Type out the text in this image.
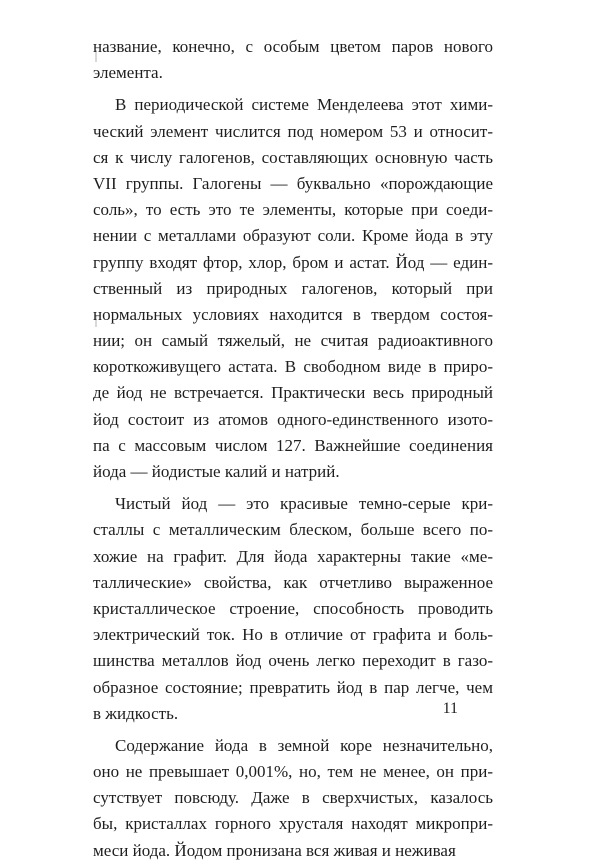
название, конечно, с особым цветом паров нового
элемента.
В периодической системе Менделеева этот хими-
ческий элемент числится под номером 53 и относит-
ся к числу галогенов, составляющих основную часть
VII группы. Галогены — буквально «порождающие
соль», то есть это те элементы, которые при соеди-
нении с металлами образуют соли. Кроме йода в эту
группу входят фтор, хлор, бром и астат. Йод — един-
ственный из природных галогенов, который при
нормальных условиях находится в твердом состоя-
нии; он самый тяжелый, не считая радиоактивного
короткоживущего астата. В свободном виде в приро-
де йод не встречается. Практически весь природный
йод состоит из атомов одного-единственного изото-
па с массовым числом 127. Важнейшие соединения
йода — йодистые калий и натрий.
Чистый йод — это красивые темно-серые кри-
сталлы с металлическим блеском, больше всего по-
хожие на графит. Для йода характерны такие «ме-
таллические» свойства, как отчетливо выраженное
кристаллическое строение, способность проводить
электрический ток. Но в отличие от графита и боль-
шинства металлов йод очень легко переходит в газо-
образное состояние; превратить йод в пар легче, чем
в жидкость.
Содержание йода в земной коре незначительно,
оно не превышает 0,001%, но, тем не менее, он при-
сутствует повсюду. Даже в сверхчистых, казалось
бы, кристаллах горного хрусталя находят микропри-
меси йода. Йодом пронизана вся живая и неживая
11
